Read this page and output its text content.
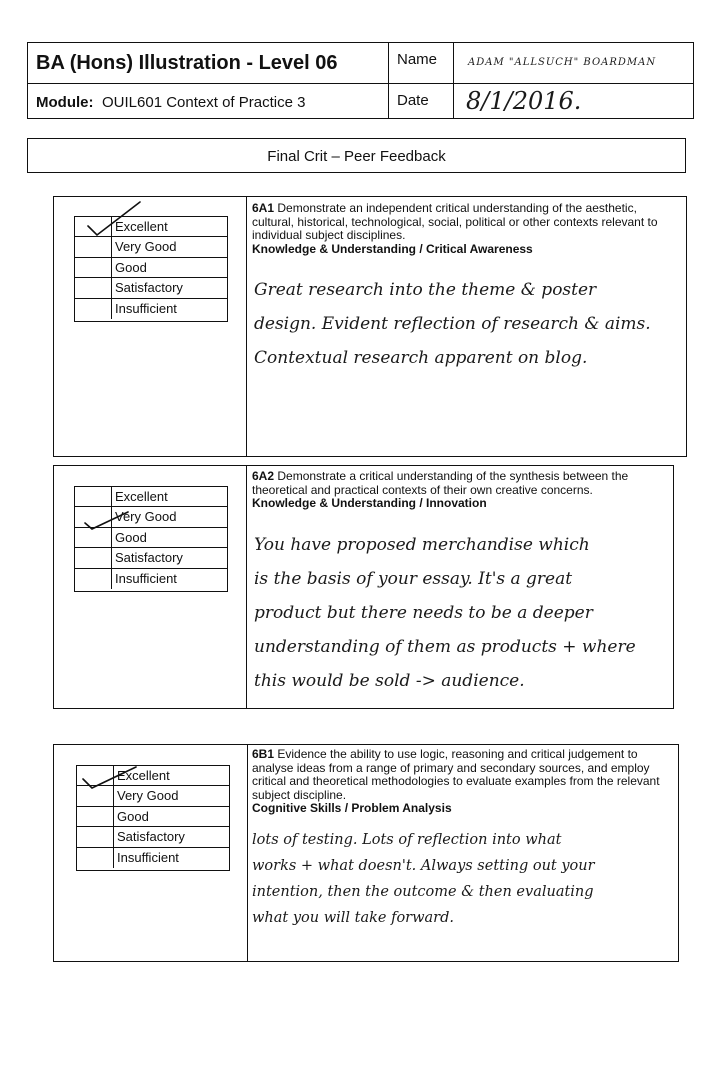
BA (Hons) Illustration - Level 06	Name	ADAM "ALLSUCH" BOARDMAN
Module: OUIL601 Context of Practice 3	Date 8/1/2016.
Final Crit – Peer Feedback
Excellent
Very Good
Good
Satisfactory
Insufficient
6A1 Demonstrate an independent critical understanding of the aesthetic, cultural, historical, technological, social, political or other contexts relevant to individual subject disciplines.
Knowledge & Understanding / Critical Awareness
Great research into the theme & poster
design. Evident reflection of research & aims.
Contextual research apparent on blog.
Excellent
Very Good
Good
Satisfactory
Insufficient
6A2 Demonstrate a critical understanding of the synthesis between the theoretical and practical contexts of their own creative concerns.
Knowledge & Understanding / Innovation
You have proposed merchandise which
is the basis of your essay. It's a great
product but there needs to be a deeper
understanding of them as products + where
this would be sold -> audience.
Excellent
Very Good
Good
Satisfactory
Insufficient
6B1 Evidence the ability to use logic, reasoning and critical judgement to analyse ideas from a range of primary and secondary sources, and employ critical and theoretical methodologies to evaluate examples from the relevant subject discipline.
Cognitive Skills / Problem Analysis
lots of testing. Lots of reflection into what
works + what doesn't. Always setting out your
intention, then the outcome & then evaluating
what you will take forward.
